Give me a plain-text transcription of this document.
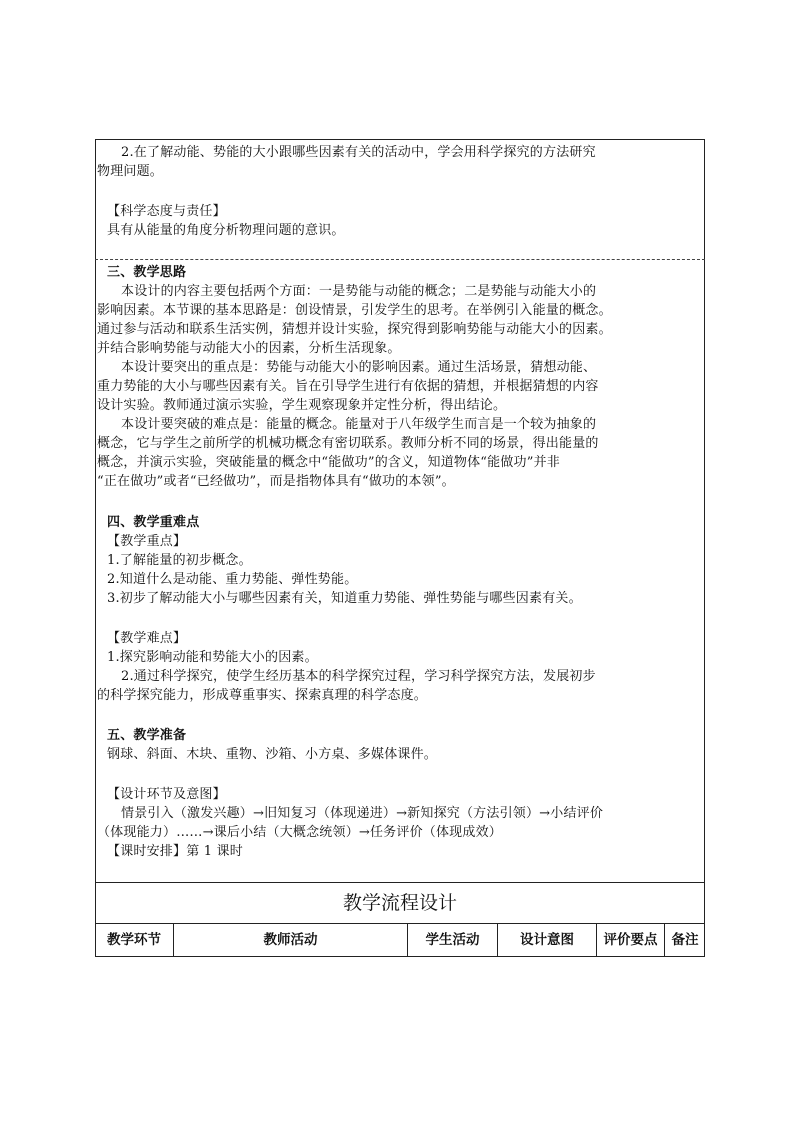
2.在了解动能、势能的大小跟哪些因素有关的活动中，学会用科学探究的方法研究
物理问题。
【科学态度与责任】
具有从能量的角度分析物理问题的意识。
三、教学思路
本设计的内容主要包括两个方面：一是势能与动能的概念；二是势能与动能大小的
影响因素。本节课的基本思路是：创设情景，引发学生的思考。在举例引入能量的概念。
通过参与活动和联系生活实例，猜想并设计实验，探究得到影响势能与动能大小的因素。
并结合影响势能与动能大小的因素，分析生活现象。
本设计要突出的重点是：势能与动能大小的影响因素。通过生活场景，猜想动能、
重力势能的大小与哪些因素有关。旨在引导学生进行有依据的猜想，并根据猜想的内容
设计实验。教师通过演示实验，学生观察现象并定性分析，得出结论。
本设计要突破的难点是：能量的概念。能量对于八年级学生而言是一个较为抽象的
概念，它与学生之前所学的机械功概念有密切联系。教师分析不同的场景，得出能量的
概念，并演示实验，突破能量的概念中“能做功”的含义，知道物体“能做功”并非
“正在做功”或者“已经做功”，而是指物体具有“做功的本领”。
四、教学重难点
【教学重点】
1.了解能量的初步概念。
2.知道什么是动能、重力势能、弹性势能。
3.初步了解动能大小与哪些因素有关，知道重力势能、弹性势能与哪些因素有关。
【教学难点】
1.探究影响动能和势能大小的因素。
2.通过科学探究，使学生经历基本的科学探究过程，学习科学探究方法，发展初步
的科学探究能力，形成尊重事实、探索真理的科学态度。
五、教学准备
钢球、斜面、木块、重物、沙箱、小方桌、多媒体课件。
【设计环节及意图】
情景引入（激发兴趣）→旧知复习（体现递进）→新知探究（方法引领）→小结评价
（体现能力）……→课后小结（大概念统领）→任务评价（体现成效）
【课时安排】第 1 课时
教学流程设计
教学环节	教师活动	学生活动	设计意图	评价要点	备注
